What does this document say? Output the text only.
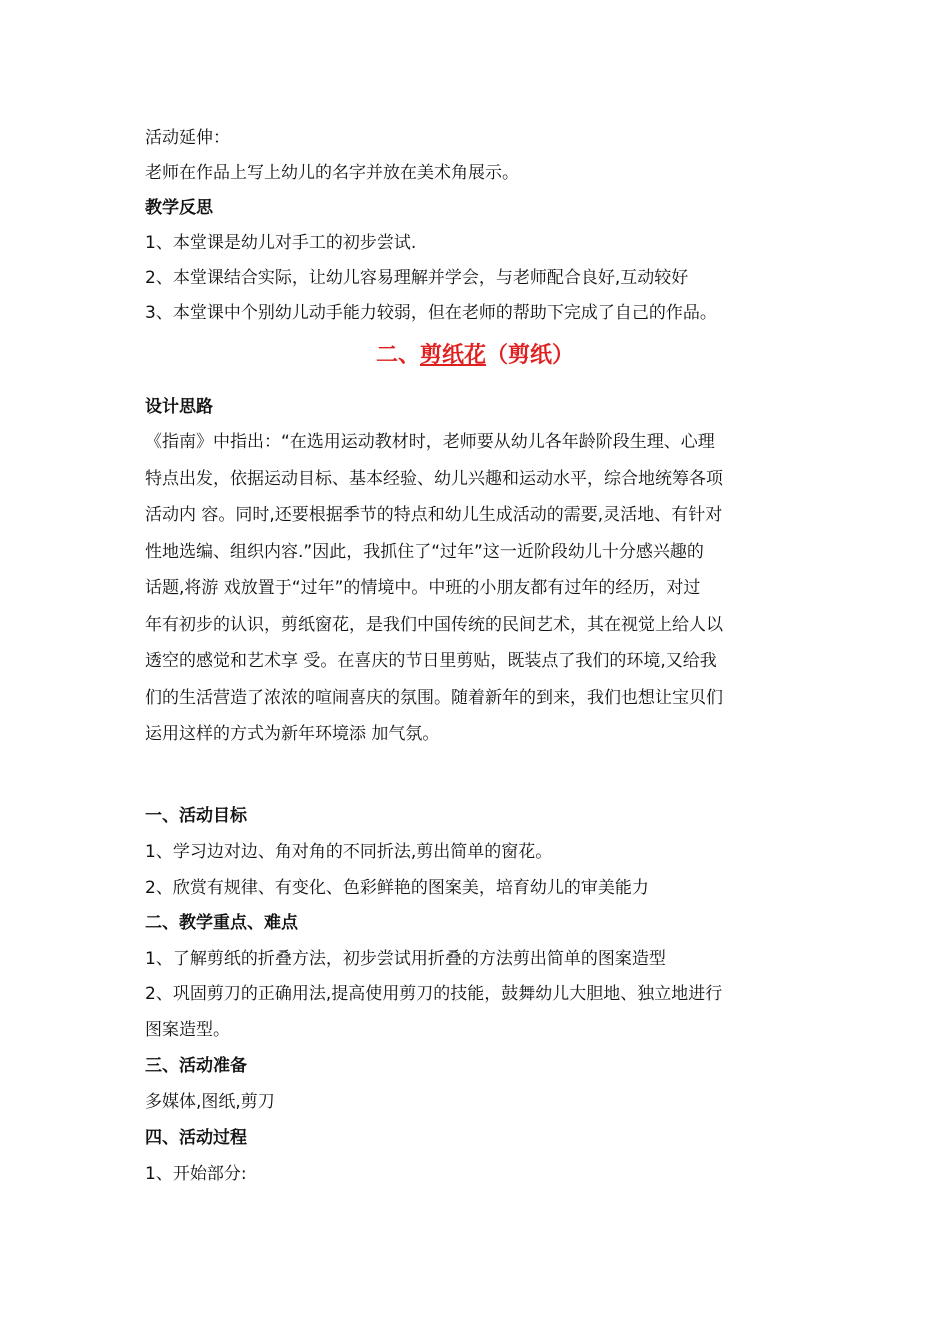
活动延伸：
老师在作品上写上幼儿的名字并放在美术角展示。
教学反思
1、本堂课是幼儿对手工的初步尝试.
2、本堂课结合实际，让幼儿容易理解并学会，与老师配合良好,互动较好
3、本堂课中个别幼儿动手能力较弱，但在老师的帮助下完成了自己的作品。
二、剪纸花（剪纸）
设计思路
《指南》中指出：“在选用运动教材时，老师要从幼儿各年龄阶段生理、心理
特点出发，依据运动目标、基本经验、幼儿兴趣和运动水平，综合地统筹各项
活动内 容。同时,还要根据季节的特点和幼儿生成活动的需要,灵活地、有针对
性地选编、组织内容.”因此，我抓住了“过年”这一近阶段幼儿十分感兴趣的
话题,将游 戏放置于“过年”的情境中。中班的小朋友都有过年的经历，对过
年有初步的认识，剪纸窗花，是我们中国传统的民间艺术，其在视觉上给人以
透空的感觉和艺术享 受。在喜庆的节日里剪贴，既装点了我们的环境,又给我
们的生活营造了浓浓的喧闹喜庆的氛围。随着新年的到来，我们也想让宝贝们
运用这样的方式为新年环境添 加气氛。
一、活动目标
1、学习边对边、角对角的不同折法,剪出简单的窗花。
2、欣赏有规律、有变化、色彩鲜艳的图案美，培育幼儿的审美能力
二、教学重点、难点
1、了解剪纸的折叠方法，初步尝试用折叠的方法剪出简单的图案造型
2、巩固剪刀的正确用法,提高使用剪刀的技能，鼓舞幼儿大胆地、独立地进行
图案造型。
三、活动准备
多媒体,图纸,剪刀
四、活动过程
1、开始部分:
